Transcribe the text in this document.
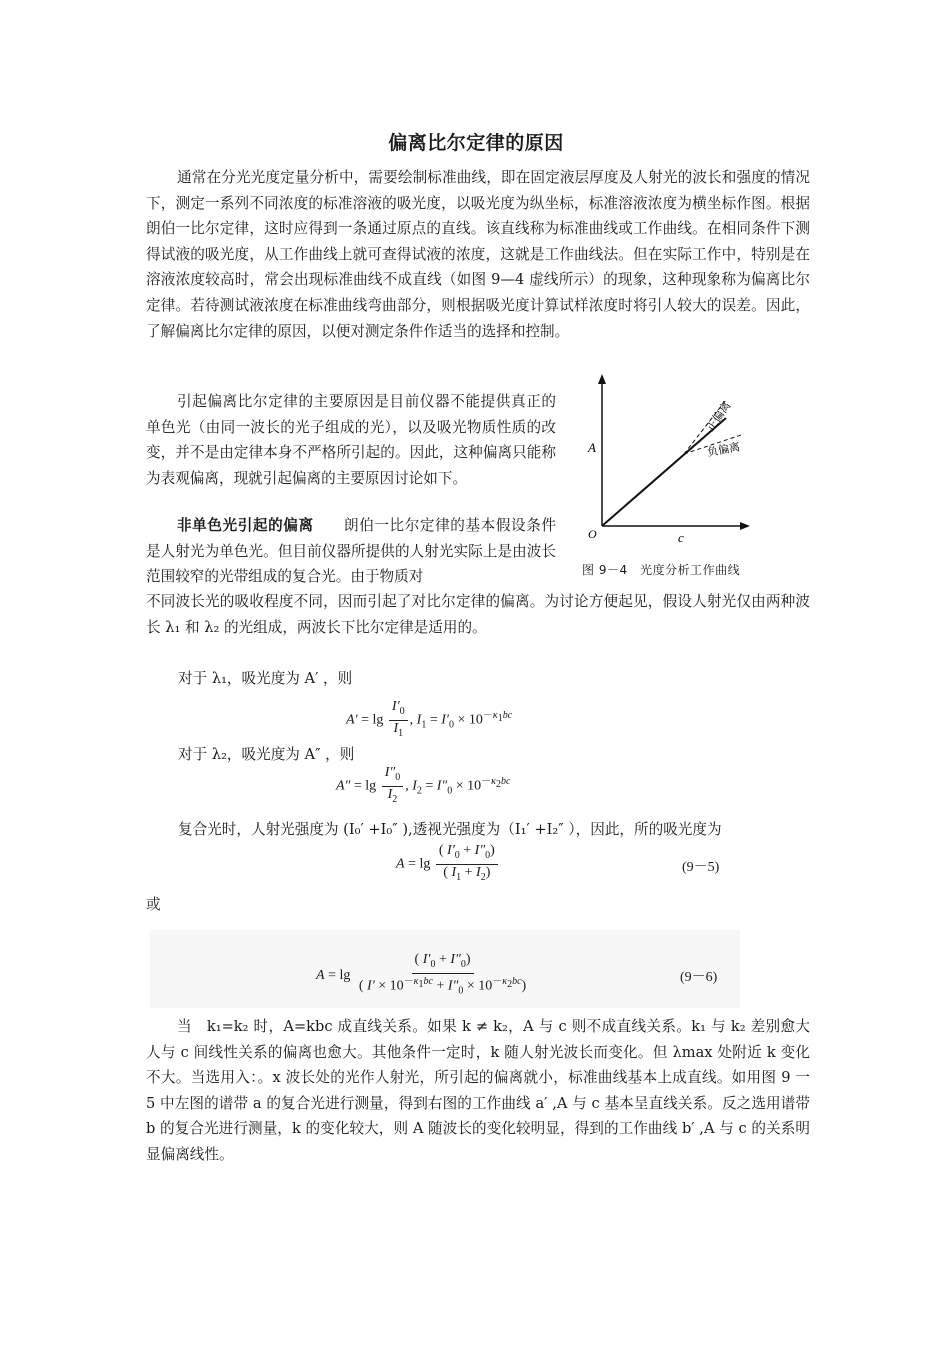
偏离比尔定律的原因

通常在分光光度定量分析中，需要绘制标准曲线，即在固定液层厚度及人射光的波长和强度的情况下，测定一系列不同浓度的标准溶液的吸光度，以吸光度为纵坐标，标准溶液浓度为横坐标作图。根据朗伯一比尔定律，这时应得到一条通过原点的直线。该直线称为标准曲线或工作曲线。在相同条件下测得试液的吸光度，从工作曲线上就可查得试液的浓度，这就是工作曲线法。但在实际工作中，特别是在溶液浓度较高时，常会出现标准曲线不成直线（如图 9—4 虚线所示）的现象，这种现象称为偏离比尔定律。若待测试液浓度在标准曲线弯曲部分，则根据吸光度计算试样浓度时将引人较大的误差。因此，了解偏离比尔定律的原因，以便对测定条件作适当的选择和控制。

引起偏离比尔定律的主要原因是目前仪器不能提供真正的单色光（由同一波长的光子组成的光），以及吸光物质性质的改变，并不是由定律本身不严格所引起的。因此，这种偏离只能称为表观偏离，现就引起偏离的主要原因讨论如下。

非单色光引起的偏离　　 朗伯一比尔定律的基本假设条件是人射光为单色光。但目前仪器所提供的人射光实际上是由波长范围较窄的光带组成的复合光。由于物质对

A
c
O
正偏离
负偏离
图 9－4　光度分析工作曲线

不同波长光的吸收程度不同，因而引起了对比尔定律的偏离。为讨论方便起见，假设人射光仅由两种波长 λ₁ 和 λ₂ 的光组成，两波长下比尔定律是适用的。

对于 λ₁，吸光度为 A′ ，则
$A' = \lg \frac{I'_0}{I_1}$ , $I_1 = I'_0 \times 10^{-\kappa_1bc}$
对于 λ₂，吸光度为 A″ ，则
$A'' = \lg \frac{I''_0}{I_2}$ , $I_2 = I''_0 \times 10^{-\kappa_2bc}$
复合光时，人射光强度为 (I₀′ +I₀″ ),透视光强度为（I₁′ +I₂″ ），因此，所的吸光度为
$A = \lg \frac{( I'_0 + I''_0)}{( I_1 + I_2)}$	(9－5)
或
$A = \lg \frac{( I'_0 + I''_0)}{( I' \times 10^{-\kappa_1bc} + I''_0 \times 10^{-\kappa_2bc})}$	(9－6)

当　k₁=k₂ 时，A=kbc 成直线关系。如果 k ≠ k₂，A 与 c 则不成直线关系。k₁ 与 k₂ 差别愈大人与 c 间线性关系的偏离也愈大。其他条件一定时，k 随人射光波长而变化。但 λmax 处附近 k 变化不大。当选用入：。x 波长处的光作人射光，所引起的偏离就小，标准曲线基本上成直线。如用图 9 一 5 中左图的谱带 a 的复合光进行测量，得到右图的工作曲线 a′ ,A 与 c 基本呈直线关系。反之选用谱带 b 的复合光进行测量，k 的变化较大，则 A 随波长的变化较明显，得到的工作曲线 b′ ,A 与 c 的关系明显偏离线性。
